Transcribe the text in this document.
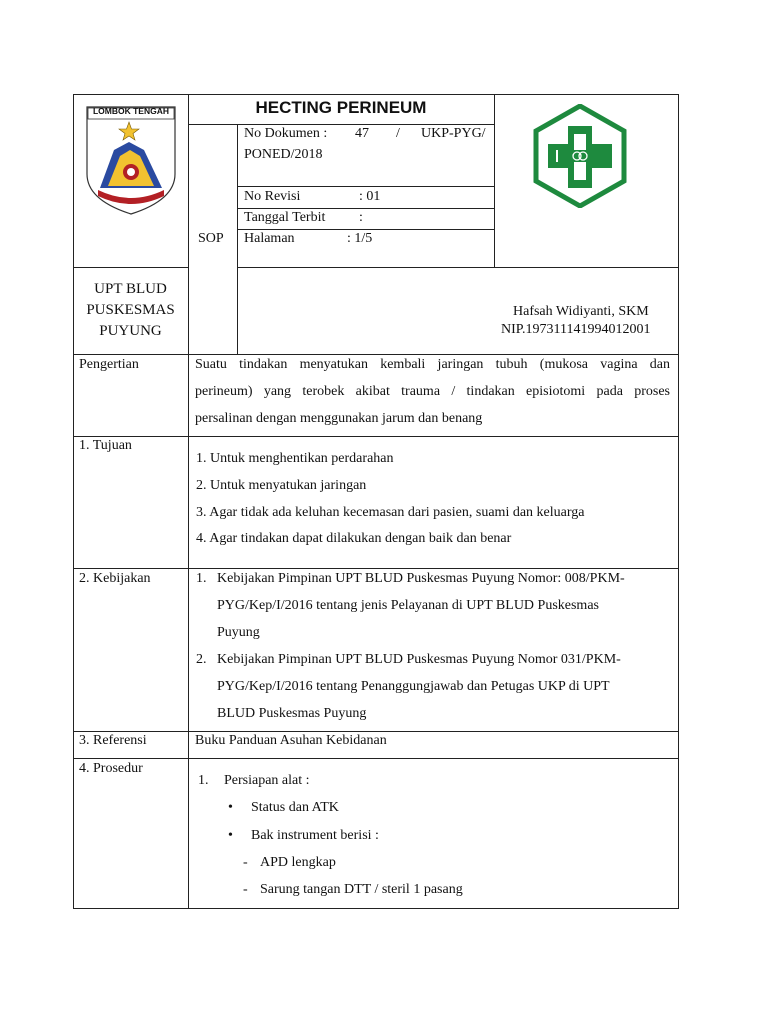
LOMBOK TENGAH	HECTING PERINEUM
SOP
No Dokumen : 47 / UKP-PYG/
PONED/2018
No Revisi	: 01
Tanggal Terbit :
Halaman	: 1/5
UPT BLUD
PUSKESMAS
PUYUNG
Hafsah Widiyanti, SKM
NIP.197311141994012001
Pengertian	Suatu tindakan menyatukan kembali jaringan tubuh (mukosa vagina dan
perineum) yang terobek akibat trauma / tindakan episiotomi pada proses
persalinan dengan menggunakan jarum dan benang
1. Tujuan
1. Untuk menghentikan perdarahan
2. Untuk menyatukan jaringan
3. Agar tidak ada keluhan kecemasan dari pasien, suami dan keluarga
4. Agar tindakan dapat dilakukan dengan baik dan benar
2. Kebijakan	1. Kebijakan Pimpinan UPT BLUD Puskesmas Puyung Nomor: 008/PKM-
PYG/Kep/I/2016 tentang jenis Pelayanan di UPT BLUD Puskesmas
Puyung
2. Kebijakan Pimpinan UPT BLUD Puskesmas Puyung Nomor 031/PKM-
PYG/Kep/I/2016 tentang Penanggungjawab dan Petugas UKP di UPT
BLUD Puskesmas Puyung
3. Referensi	Buku Panduan Asuhan Kebidanan
4. Prosedur
1. Persiapan alat :
• Status dan ATK
• Bak instrument berisi :
- APD lengkap
- Sarung tangan DTT / steril 1 pasang
